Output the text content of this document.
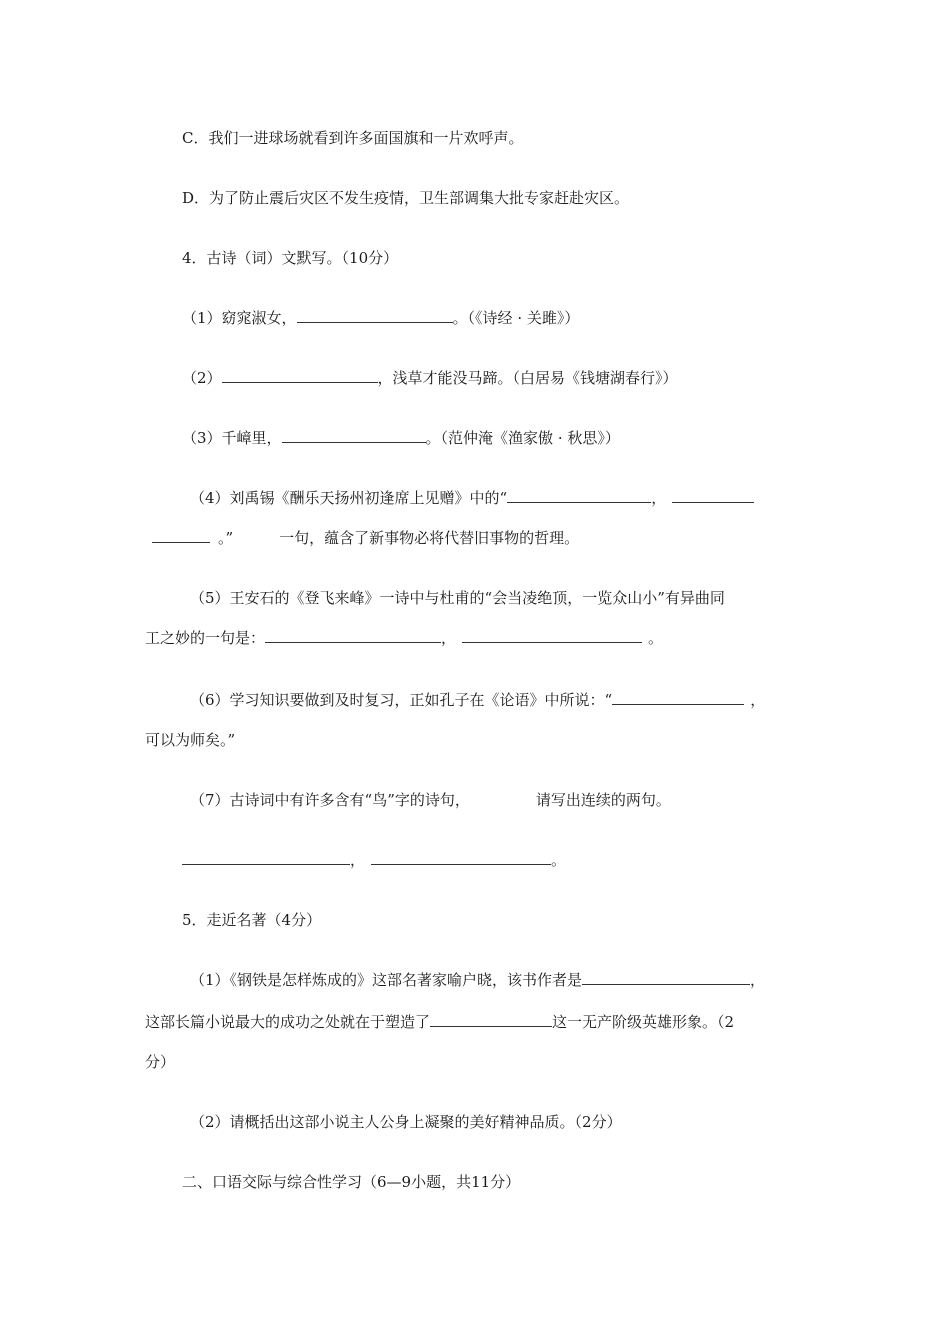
C．我们一进球场就看到许多面国旗和一片欢呼声。
D．为了防止震后灾区不发生疫情，卫生部调集大批专家赶赴灾区。
4．古诗（词）文默写。（10分）
（1）窈窕淑女，	。（《诗经 · 关雎》）
（2）	，浅草才能没马蹄。（白居易《钱塘湖春行》）
（3）千嶂里，	。（范仲淹《渔家傲 · 秋思》）
（4）刘禹锡《酬乐天扬州初逢席上见赠》中的“	，
。”	一句，蕴含了新事物必将代替旧事物的哲理。
（5）王安石的《登飞来峰》一诗中与杜甫的“会当凌绝顶，一览众山小”有异曲同
工之妙的一句是：	，	。
（6）学习知识要做到及时复习，正如孔子在《论语》中所说：“	，
可以为师矣。”
（7）古诗词中有许多含有“鸟”字的诗句，	请写出连续的两句。
，	。
5．走近名著（4分）
（1）《钢铁是怎样炼成的》这部名著家喻户晓，该书作者是	，
这部长篇小说最大的成功之处就在于塑造了	这一无产阶级英雄形象。（2
分）
（2）请概括出这部小说主人公身上凝聚的美好精神品质。（2分）
二、口语交际与综合性学习（6—9小题，共11分）
